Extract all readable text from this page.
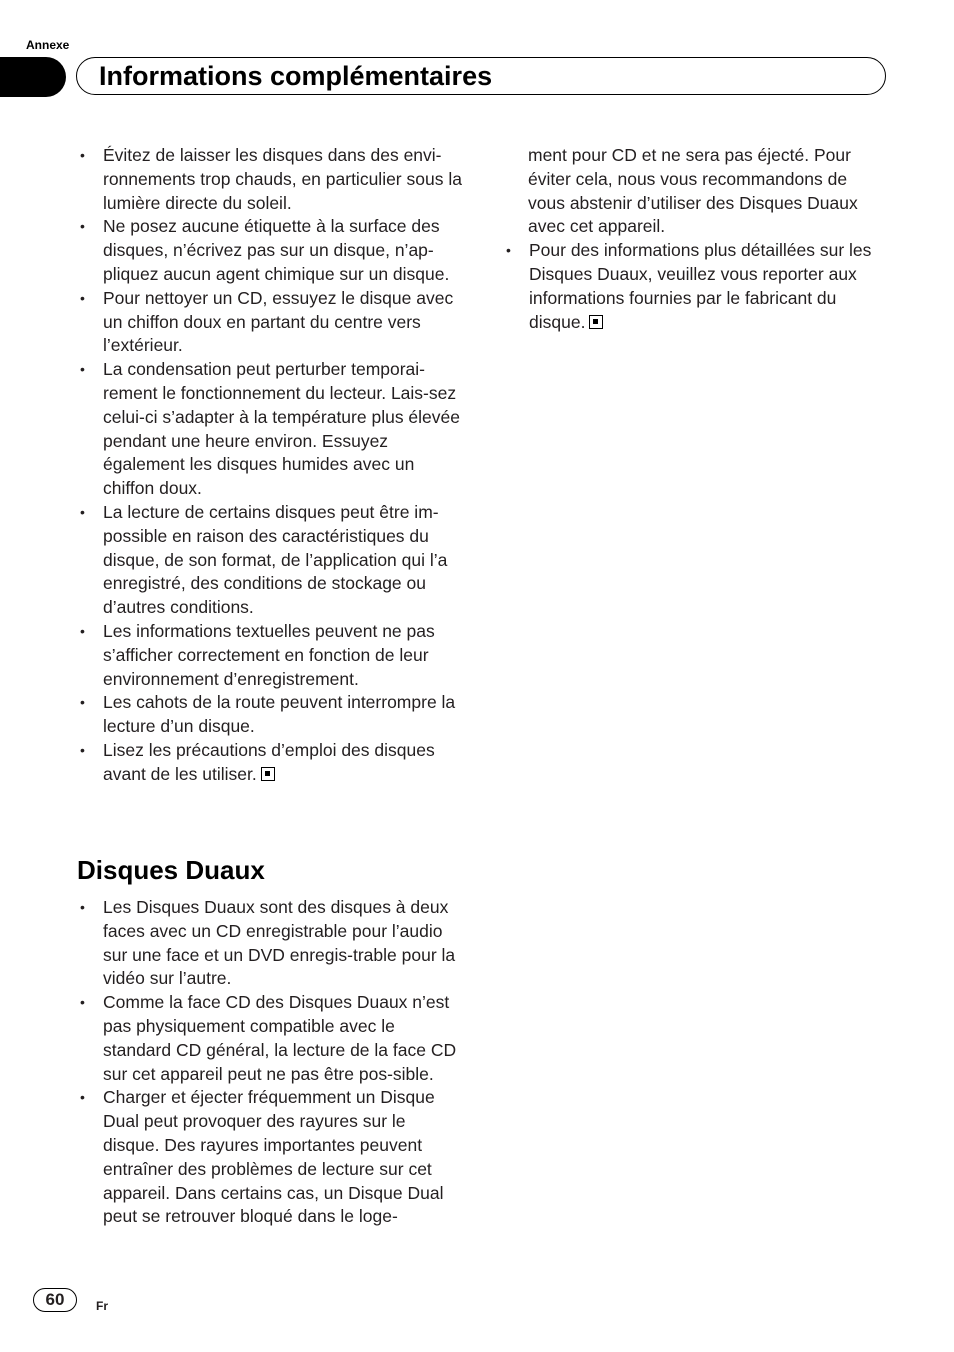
Annexe
Informations complémentaires
• Évitez de laisser les disques dans des envi-ronnements trop chauds, en particulier sous la lumière directe du soleil.
• Ne posez aucune étiquette à la surface des disques, n’écrivez pas sur un disque, n’ap-pliquez aucun agent chimique sur un disque.
• Pour nettoyer un CD, essuyez le disque avec un chiffon doux en partant du centre vers l’extérieur.
• La condensation peut perturber temporai-rement le fonctionnement du lecteur. Lais-sez celui-ci s’adapter à la température plus élevée pendant une heure environ. Essuyez également les disques humides avec un chiffon doux.
• La lecture de certains disques peut être im-possible en raison des caractéristiques du disque, de son format, de l’application qui l’a enregistré, des conditions de stockage ou d’autres conditions.
• Les informations textuelles peuvent ne pas s’afficher correctement en fonction de leur environnement d’enregistrement.
• Les cahots de la route peuvent interrompre la lecture d’un disque.
• Lisez les précautions d’emploi des disques avant de les utiliser.
Disques Duaux
• Les Disques Duaux sont des disques à deux faces avec un CD enregistrable pour l’audio sur une face et un DVD enregis-trable pour la vidéo sur l’autre.
• Comme la face CD des Disques Duaux n’est pas physiquement compatible avec le standard CD général, la lecture de la face CD sur cet appareil peut ne pas être pos-sible.
• Charger et éjecter fréquemment un Disque Dual peut provoquer des rayures sur le disque. Des rayures importantes peuvent entraîner des problèmes de lecture sur cet appareil. Dans certains cas, un Disque Dual peut se retrouver bloqué dans le loge-
ment pour CD et ne sera pas éjecté. Pour éviter cela, nous vous recommandons de vous abstenir d’utiliser des Disques Duaux avec cet appareil.
• Pour des informations plus détaillées sur les Disques Duaux, veuillez vous reporter aux informations fournies par le fabricant du disque.
60	Fr
